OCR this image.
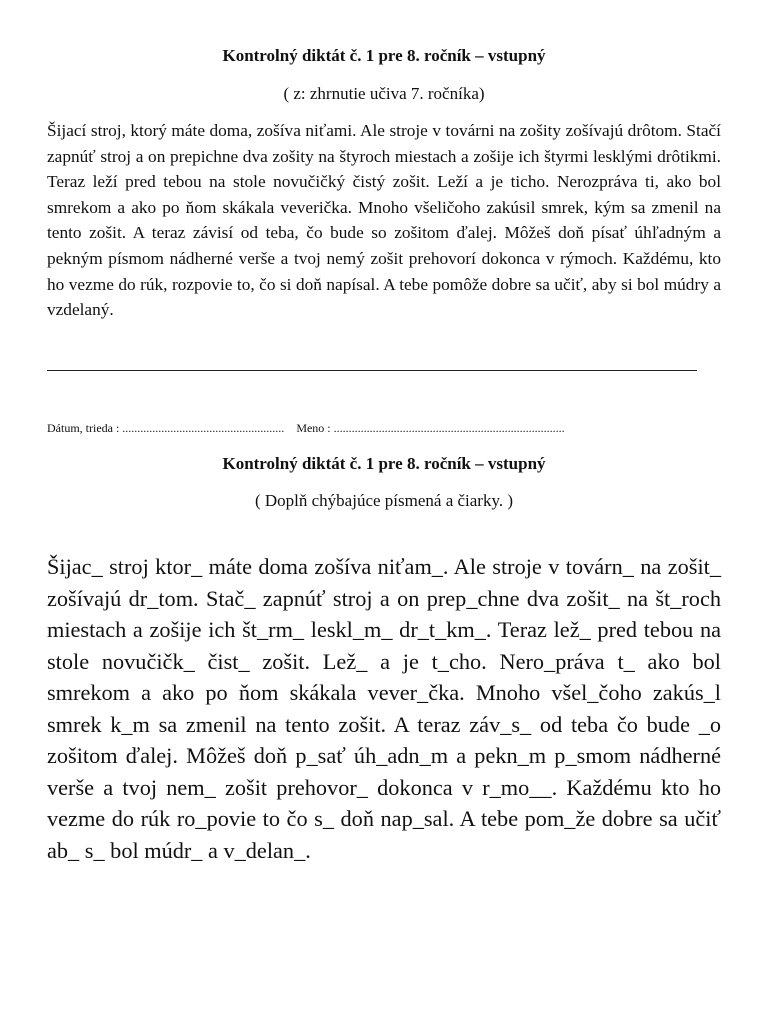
Kontrolný diktát č. 1 pre 8. ročník – vstupný
( z: zhrnutie učiva 7. ročníka)
Šijací stroj, ktorý máte doma, zošíva niťami. Ale stroje v továrni na zošity zošívajú drôtom. Stačí zapnúť stroj a on prepichne dva zošity na štyroch miestach a zošije ich štyrmi lesklými drôtikmi. Teraz leží pred tebou na stole novučičký čistý zošit. Leží a je ticho. Nerozpráva ti, ako bol smrekom a ako po ňom skákala veverička. Mnoho všeličoho zakúsil smrek, kým sa zmenil na tento zošit. A teraz závisí od teba, čo bude so zošitom ďalej. Môžeš doň písať úhľadným a pekným písmom nádherné verše a tvoj nemý zošit prehovorí dokonca v rýmoch. Každému, kto ho vezme do rúk, rozpovie to, čo si doň napísal. A tebe pomôže dobre sa učiť, aby si bol múdry a vzdelaný.
Dátum, trieda : ...................................................... Meno : .............................................................................
Kontrolný diktát č. 1 pre 8. ročník – vstupný
( Doplň chýbajúce písmená a čiarky. )
Šijac_ stroj ktor_ máte doma zošíva niťam_. Ale stroje v továrn_ na zošit_ zošívajú dr_tom. Stač_ zapnúť stroj a on prep_chne dva zošit_ na št_roch miestach a zošije ich št_rm_ leskl_m_ dr_t_km_. Teraz lež_ pred tebou na stole novučičk_ čist_ zošit. Lež_ a je t_cho. Nero_práva t_ ako bol smrekom a ako po ňom skákala vever_čka. Mnoho všel_čoho zakús_l smrek k_m sa zmenil na tento zošit. A teraz záv_s_ od teba čo bude _o zošitom ďalej. Môžeš doň p_sať úh_adn_m a pekn_m p_smom nádherné verše a tvoj nem_ zošit prehovor_ dokonca v r_mo__. Každému kto ho vezme do rúk ro_povie to čo s_ doň nap_sal. A tebe pom_že dobre sa učiť ab_ s_ bol múdr_ a v_delan_.
